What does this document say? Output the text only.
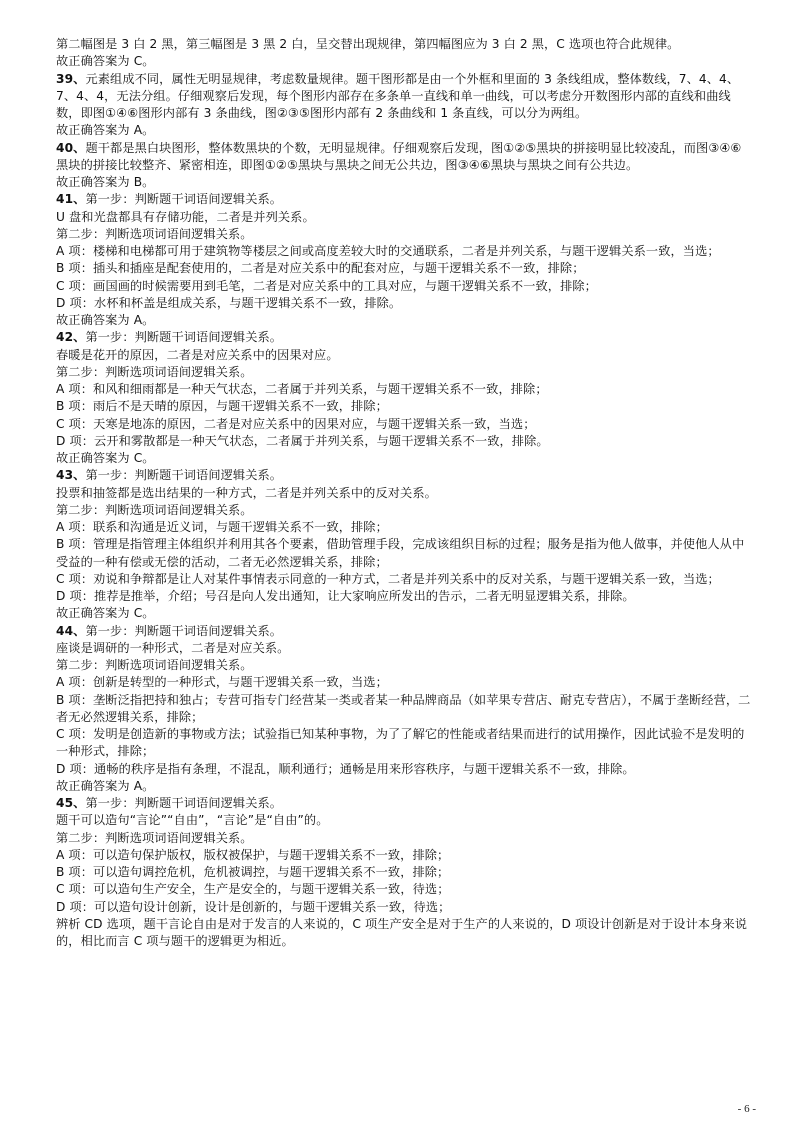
第二幅图是 3 白 2 黑，第三幅图是 3 黑 2 白，呈交替出现规律，第四幅图应为 3 白 2 黑，C 选项也符合此规律。
故正确答案为 C。
39、元素组成不同，属性无明显规律，考虑数量规律。题干图形都是由一个外框和里面的 3 条线组成，整体数线，7、4、4、7、4、4，无法分组。仔细观察后发现，每个图形内部存在多条单一直线和单一曲线，可以考虑分开数图形内部的直线和曲线数，即图①④⑥图形内部有 3 条曲线，图②③⑤图形内部有 2 条曲线和 1 条直线，可以分为两组。
故正确答案为 A。
40、题干都是黑白块图形，整体数黑块的个数，无明显规律。仔细观察后发现，图①②⑤黑块的拼接明显比较凌乱，而图③④⑥黑块的拼接比较整齐、紧密相连，即图①②⑤黑块与黑块之间无公共边，图③④⑥黑块与黑块之间有公共边。
故正确答案为 B。
41、第一步：判断题干词语间逻辑关系。
U 盘和光盘都具有存储功能，二者是并列关系。
第二步：判断选项词语间逻辑关系。
A 项：楼梯和电梯都可用于建筑物等楼层之间或高度差较大时的交通联系，二者是并列关系，与题干逻辑关系一致，当选；
B 项：插头和插座是配套使用的，二者是对应关系中的配套对应，与题干逻辑关系不一致，排除；
C 项：画国画的时候需要用到毛笔，二者是对应关系中的工具对应，与题干逻辑关系不一致，排除；
D 项：水杯和杯盖是组成关系，与题干逻辑关系不一致，排除。
故正确答案为 A。
42、第一步：判断题干词语间逻辑关系。
春暖是花开的原因，二者是对应关系中的因果对应。
第二步：判断选项词语间逻辑关系。
A 项：和风和细雨都是一种天气状态，二者属于并列关系，与题干逻辑关系不一致，排除；
B 项：雨后不是天晴的原因，与题干逻辑关系不一致，排除；
C 项：天寒是地冻的原因，二者是对应关系中的因果对应，与题干逻辑关系一致，当选；
D 项：云开和雾散都是一种天气状态，二者属于并列关系，与题干逻辑关系不一致，排除。
故正确答案为 C。
43、第一步：判断题干词语间逻辑关系。
投票和抽签都是选出结果的一种方式，二者是并列关系中的反对关系。
第二步：判断选项词语间逻辑关系。
A 项：联系和沟通是近义词，与题干逻辑关系不一致，排除；
B 项：管理是指管理主体组织并利用其各个要素，借助管理手段，完成该组织目标的过程；服务是指为他人做事，并使他人从中受益的一种有偿或无偿的活动，二者无必然逻辑关系，排除；
C 项：劝说和争辩都是让人对某件事情表示同意的一种方式，二者是并列关系中的反对关系，与题干逻辑关系一致，当选；
D 项：推荐是推举，介绍；号召是向人发出通知，让大家响应所发出的告示，二者无明显逻辑关系，排除。
故正确答案为 C。
44、第一步：判断题干词语间逻辑关系。
座谈是调研的一种形式，二者是对应关系。
第二步：判断选项词语间逻辑关系。
A 项：创新是转型的一种形式，与题干逻辑关系一致，当选；
B 项：垄断泛指把持和独占；专营可指专门经营某一类或者某一种品牌商品（如苹果专营店、耐克专营店），不属于垄断经营，二者无必然逻辑关系，排除；
C 项：发明是创造新的事物或方法；试验指已知某种事物，为了了解它的性能或者结果而进行的试用操作，因此试验不是发明的一种形式，排除；
D 项：通畅的秩序是指有条理，不混乱，顺利通行；通畅是用来形容秩序，与题干逻辑关系不一致，排除。
故正确答案为 A。
45、第一步：判断题干词语间逻辑关系。
题干可以造句“言论”“自由”，“言论”是“自由”的。
第二步：判断选项词语间逻辑关系。
A 项：可以造句保护版权，版权被保护，与题干逻辑关系不一致，排除；
B 项：可以造句调控危机，危机被调控，与题干逻辑关系不一致，排除；
C 项：可以造句生产安全，生产是安全的，与题干逻辑关系一致，待选；
D 项：可以造句设计创新，设计是创新的，与题干逻辑关系一致，待选；
辨析 CD 选项，题干言论自由是对于发言的人来说的，C 项生产安全是对于生产的人来说的，D 项设计创新是对于设计本身来说的，相比而言 C 项与题干的逻辑更为相近。
- 6 -
